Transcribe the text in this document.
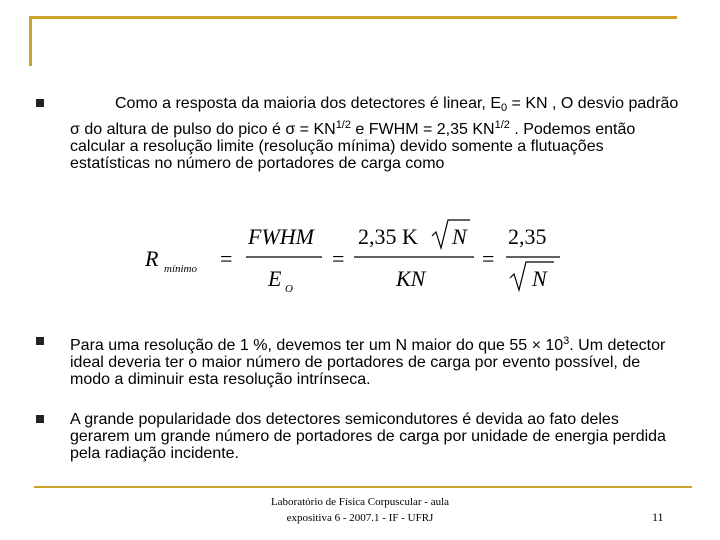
Como a resposta da maioria dos detectores é linear, $E_0$ = KN , O desvio padrão σ do altura de pulso do pico é $\sigma = KN^{1/2}$ e FWHM = 2,35 $KN^{1/2}$ . Podemos então calcular a resolução limite (resolução mínima) devido somente a flutuações estatísticas no número de portadores de carga como

R mínimo =
FWHM
E O
=
2,35 K N
KN
=
2,35
N

Para uma resolução de 1 %, devemos ter um N maior do que $55 \times 10^3$. Um detector ideal deveria ter o maior número de portadores de carga por evento possível, de modo a diminuir esta resolução intrínseca.

A grande popularidade dos detectores semicondutores é devida ao fato deles gerarem um grande número de portadores de carga por unidade de energia perdida pela radiação incidente.

Laboratório de Física Corpuscular - aula
expositiva 6 - 2007.1 - IF - UFRJ	11
